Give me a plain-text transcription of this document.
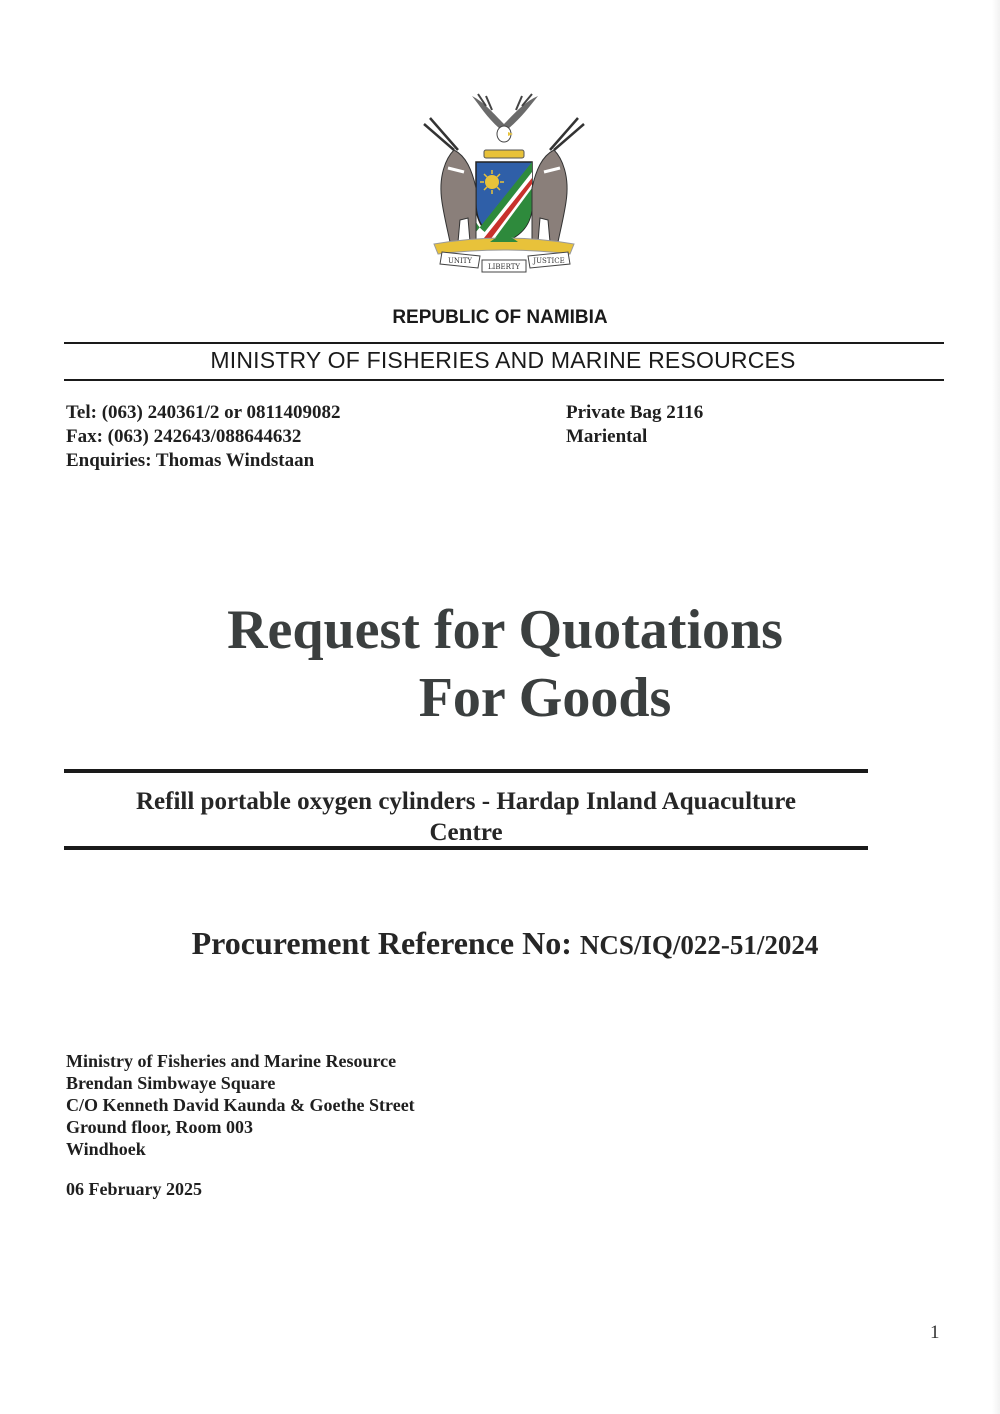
UNITY
LIBERTY
JUSTICE
REPUBLIC OF NAMIBIA
MINISTRY OF FISHERIES AND MARINE RESOURCES
Tel: (063) 240361/2 or 0811409082
Fax: (063) 242643/088644632
Enquiries: Thomas Windstaan
Private Bag 2116
Mariental
Request for Quotations
For Goods
Refill portable oxygen cylinders - Hardap Inland Aquaculture
Centre
Procurement Reference No: NCS/IQ/022-51/2024
Ministry of Fisheries and Marine Resource
Brendan Simbwaye Square
C/O Kenneth David Kaunda & Goethe Street
Ground floor, Room 003
Windhoek
06 February 2025
1
